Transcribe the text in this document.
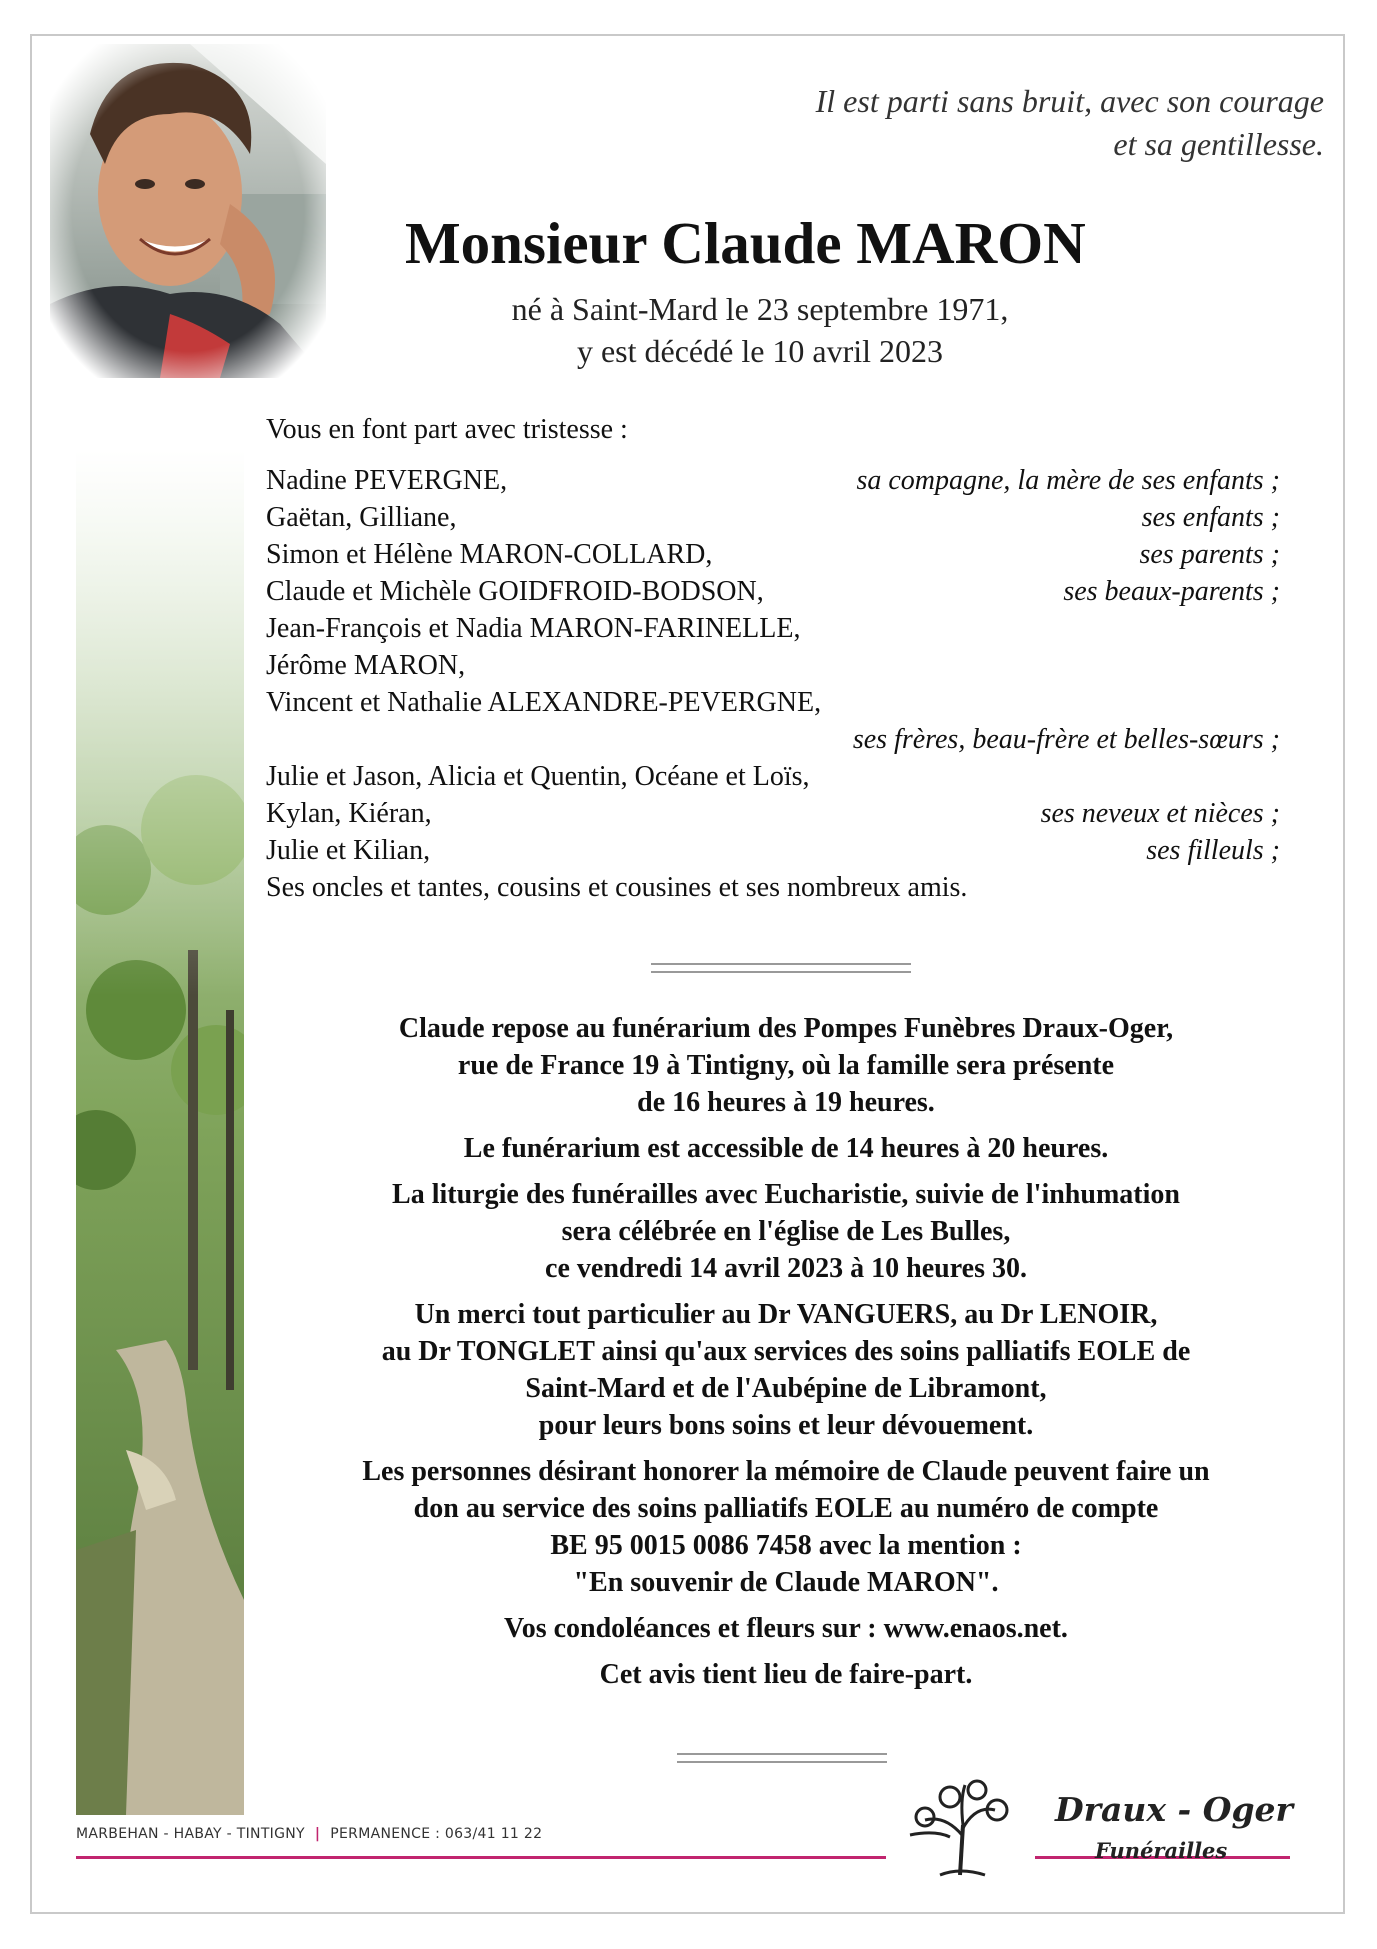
Il est parti sans bruit, avec son courage
et sa gentillesse.
Monsieur Claude MARON
né à Saint-Mard le 23 septembre 1971,
y est décédé le 10 avril 2023
Vous en font part avec tristesse :
Nadine PEVERGNE,	sa compagne, la mère de ses enfants ;
Gaëtan, Gilliane,	ses enfants ;
Simon et Hélène MARON-COLLARD,	ses parents ;
Claude et Michèle GOIDFROID-BODSON,	ses beaux-parents ;
Jean-François et Nadia MARON-FARINELLE,
Jérôme MARON,
Vincent et Nathalie ALEXANDRE-PEVERGNE,
ses frères, beau-frère et belles-sœurs ;
Julie et Jason, Alicia et Quentin, Océane et Loïs,
Kylan, Kiéran,	ses neveux et nièces ;
Julie et Kilian,	ses filleuls ;
Ses oncles et tantes, cousins et cousines et ses nombreux amis.

Claude repose au funérarium des Pompes Funèbres Draux-Oger,
rue de France 19 à Tintigny, où la famille sera présente
de 16 heures à 19 heures.

Le funérarium est accessible de 14 heures à 20 heures.

La liturgie des funérailles avec Eucharistie, suivie de l'inhumation
sera célébrée en l'église de Les Bulles,
ce vendredi 14 avril 2023 à 10 heures 30.

Un merci tout particulier au Dr VANGUERS, au Dr LENOIR,
au Dr TONGLET ainsi qu'aux services des soins palliatifs EOLE de
Saint-Mard et de l'Aubépine de Libramont,
pour leurs bons soins et leur dévouement.

Les personnes désirant honorer la mémoire de Claude peuvent faire un
don au service des soins palliatifs EOLE au numéro de compte
BE 95 0015 0086 7458 avec la mention :
"En souvenir de Claude MARON".

Vos condoléances et fleurs sur : www.enaos.net.

Cet avis tient lieu de faire-part.

MARBEHAN - HABAY - TINTIGNY | PERMANENCE : 063/41 11 22
Draux - Oger
Funérailles
